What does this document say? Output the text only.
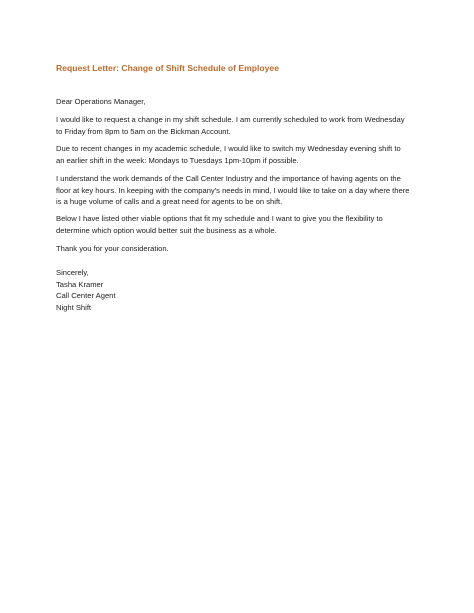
Request Letter: Change of Shift Schedule of Employee
Dear Operations Manager,
I would like to request a change in my shift schedule. I am currently scheduled to work from Wednesday
to Friday from 8pm to 5am on the Bickman Account.
Due to recent changes in my academic schedule, I would like to switch my Wednesday evening shift to
an earlier shift in the week: Mondays to Tuesdays 1pm-10pm if possible.
I understand the work demands of the Call Center Industry and the importance of having agents on the
floor at key hours. In keeping with the company's needs in mind, I would like to take on a day where there
is a huge volume of calls and a great need for agents to be on shift.
Below I have listed other viable options that fit my schedule and I want to give you the flexibility to
determine which option would better suit the business as a whole.
Thank you for your consideration.
Sincerely,
Tasha Kramer
Call Center Agent
Night Shift
